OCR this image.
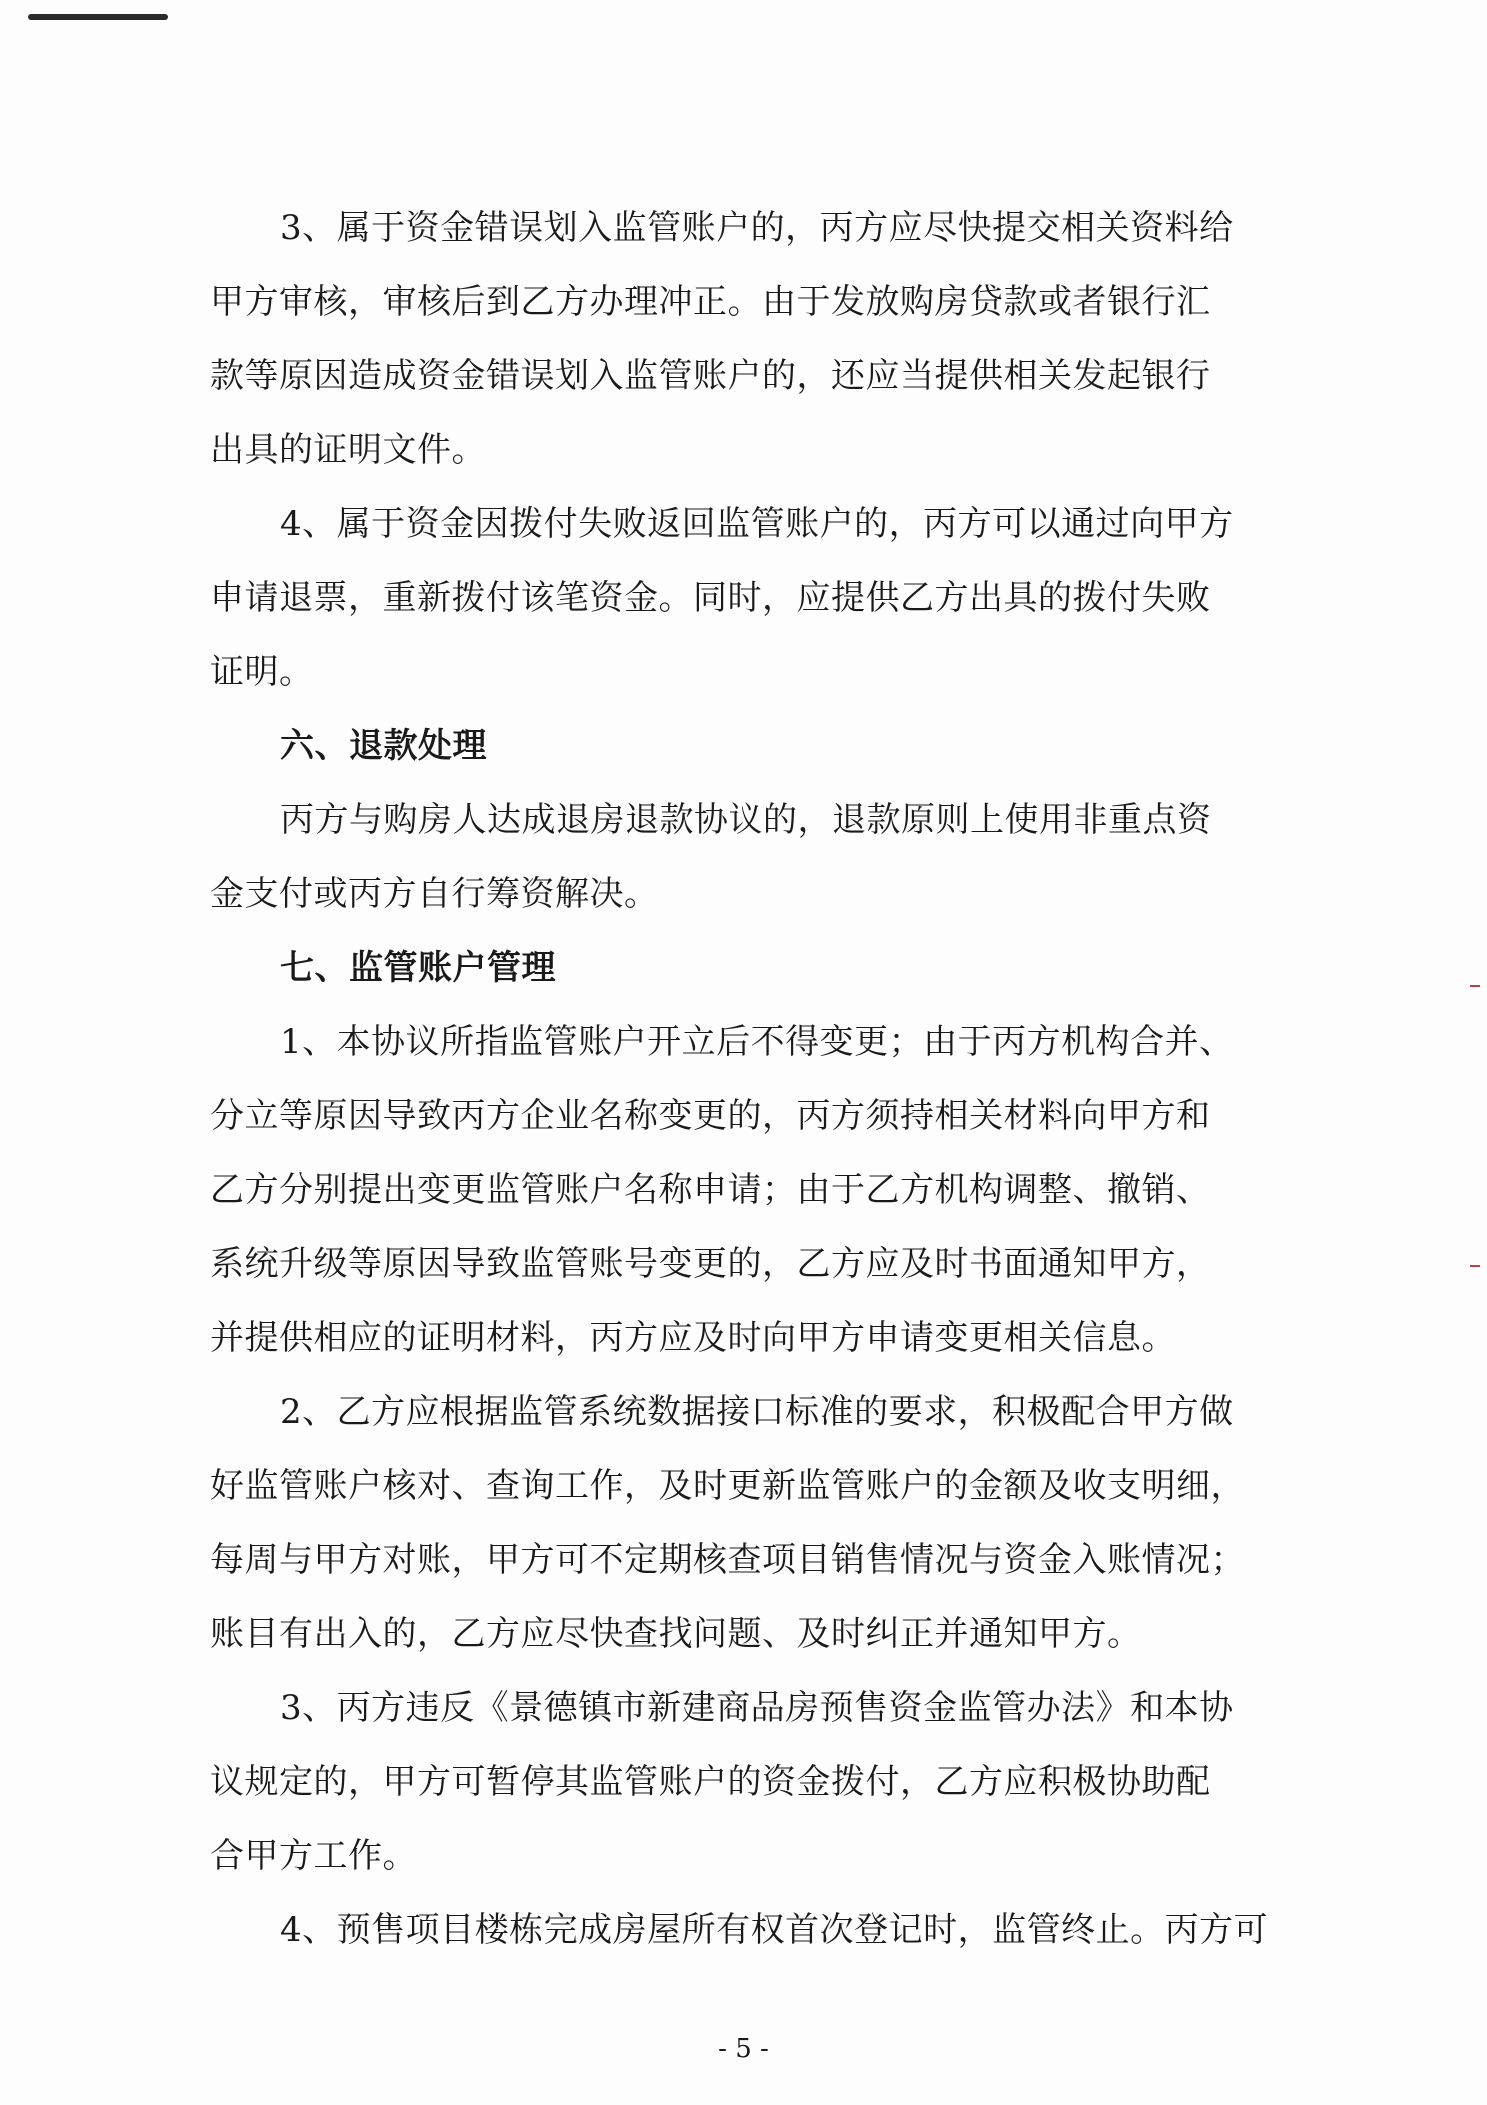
3、属于资金错误划入监管账户的，丙方应尽快提交相关资料给
甲方审核，审核后到乙方办理冲正。由于发放购房贷款或者银行汇
款等原因造成资金错误划入监管账户的，还应当提供相关发起银行
出具的证明文件。
4、属于资金因拨付失败返回监管账户的，丙方可以通过向甲方
申请退票，重新拨付该笔资金。同时，应提供乙方出具的拨付失败
证明。
六、退款处理
丙方与购房人达成退房退款协议的，退款原则上使用非重点资
金支付或丙方自行筹资解决。
七、监管账户管理
1、本协议所指监管账户开立后不得变更；由于丙方机构合并、
分立等原因导致丙方企业名称变更的，丙方须持相关材料向甲方和
乙方分别提出变更监管账户名称申请；由于乙方机构调整、撤销、
系统升级等原因导致监管账号变更的，乙方应及时书面通知甲方，
并提供相应的证明材料，丙方应及时向甲方申请变更相关信息。
2、乙方应根据监管系统数据接口标准的要求，积极配合甲方做
好监管账户核对、查询工作，及时更新监管账户的金额及收支明细，
每周与甲方对账，甲方可不定期核查项目销售情况与资金入账情况；
账目有出入的，乙方应尽快查找问题、及时纠正并通知甲方。
3、丙方违反《景德镇市新建商品房预售资金监管办法》和本协
议规定的，甲方可暂停其监管账户的资金拨付，乙方应积极协助配
合甲方工作。
4、预售项目楼栋完成房屋所有权首次登记时，监管终止。丙方可
- 5 -
